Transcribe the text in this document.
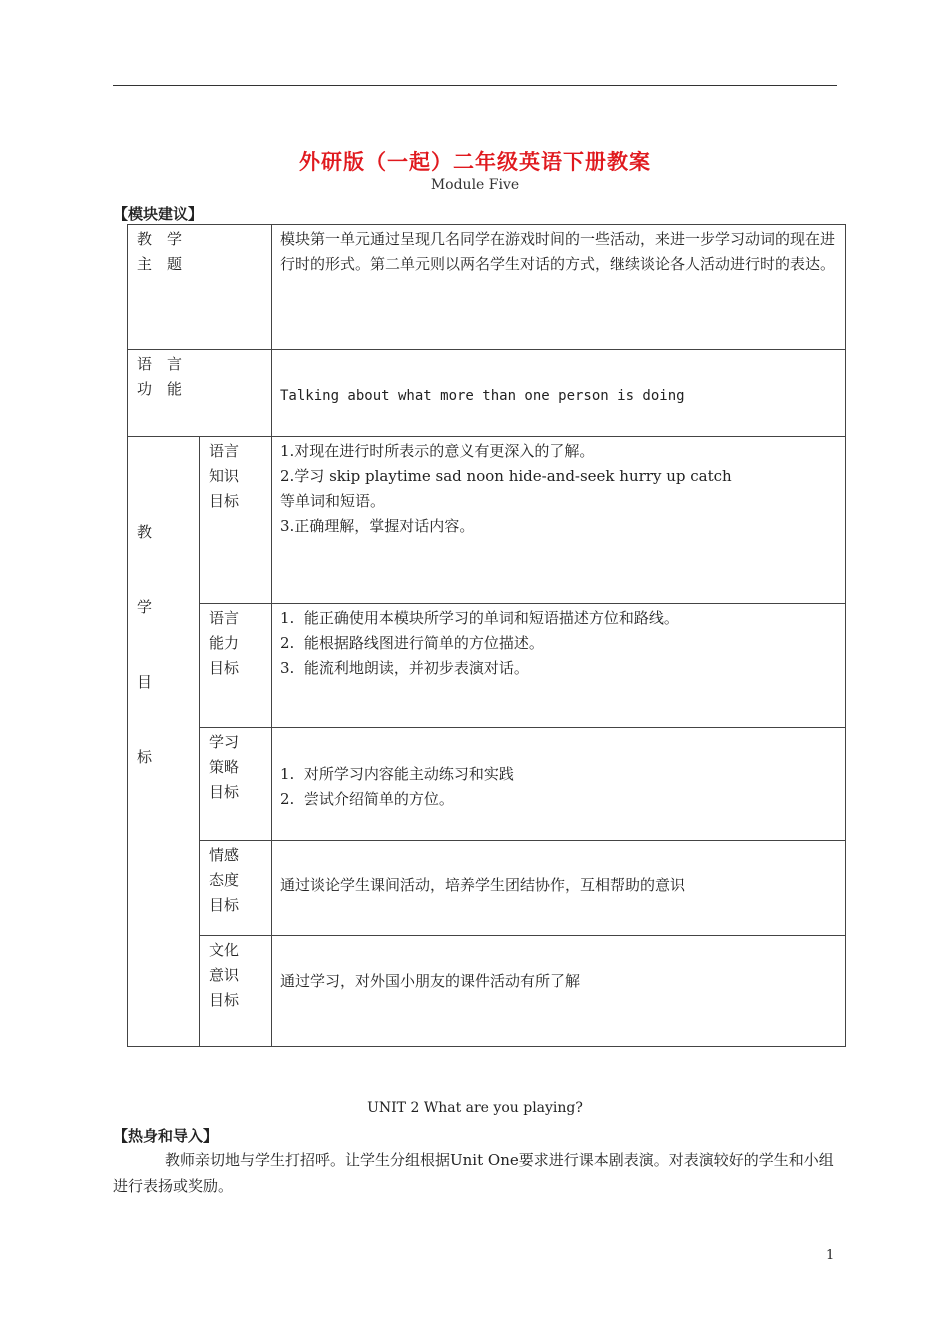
外研版（一起）二年级英语下册教案
Module Five
【模块建议】
教　学
主　题
模块第一单元通过呈现几名同学在游戏时间的一些活动，来进一步学习动词的现在进行时的形式。第二单元则以两名学生对话的方式，继续谈论各人活动进行时的表达。
语　言
功　能	Talking about what more than one person is doing
教
学
目
标
语言
知识
目标
1.对现在进行时所表示的意义有更深入的了解。
2.学习 skip playtime sad noon hide-and-seek hurry up catch
等单词和短语。
3.正确理解，掌握对话内容。
语言
能力
目标
1.  能正确使用本模块所学习的单词和短语描述方位和路线。
2.  能根据路线图进行简单的方位描述。
3.  能流利地朗读，并初步表演对话。
学习
策略
目标
1.  对所学习内容能主动练习和实践
2.  尝试介绍简单的方位。
情感
态度
目标
通过谈论学生课间活动，培养学生团结协作，互相帮助的意识
文化
意识
目标
通过学习，对外国小朋友的课件活动有所了解
UNIT 2 What are you playing?
【热身和导入】
教师亲切地与学生打招呼。让学生分组根据Unit One要求进行课本剧表演。对表演较好的学生和小组进行表扬或奖励。
1
